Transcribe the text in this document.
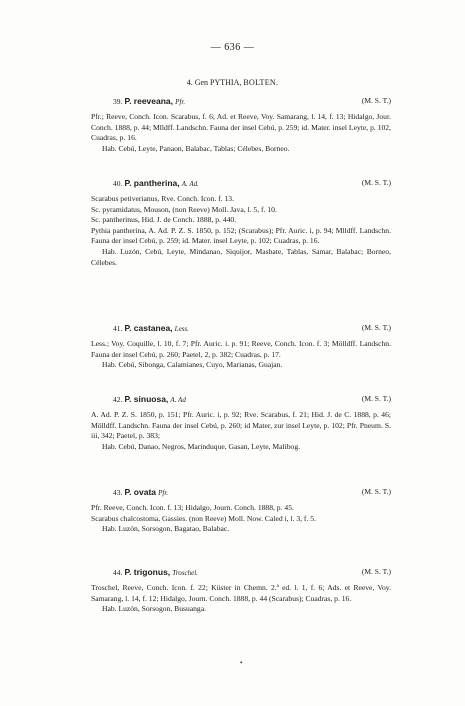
— 636 —
4. Gen PYTHIA, BOLTEN.
39. P. reeveana, Pfr.	(M. S. T.)

Pfr.; Reeve, Conch. Icon. Scarabus, f. 6; Ad. et Reeve, Voy. Samarang, l. 14, f. 13; Hidalgo, Jour. Conch. 1888, p. 44; Mlldff. Landschn. Fauna der insel Cebú, p. 259; id. Mater. insel Leyte, p. 102, Cuadras, p. 16.

Hab. Cebú, Leyte, Panaon, Balabac, Tablas; Célebes, Borneo.

40. P. pantherina, A. Ad.	(M. S. T.)

Scarabus petiverianus, Rve. Conch. Icon. f. 13.

Sc. pyramidatus, Mouson, (non Reeve) Moll. Java, l. 5, f. 10.

Sc. pantherinus, Hid. J. de Conch. 1888, p. 440.

Pythia pantherina, A. Ad. P. Z. S. 1850, p. 152; (Scarabus); Pfr. Auric. i, p. 94; Mlldff. Landschn. Fauna der insel Cebú, p. 259; id. Mater. insel Leyte, p. 102; Cuadras, p. 16.

Hab. Luzón, Cebú, Leyte, Mindanao, Siquijor, Masbate, Tablas, Samar, Balabac; Borneo, Célebes.

41. P. castanea, Less.	(M. S. T.)

Less.; Voy. Coquille, l. 10, f. 7; Pfr. Auric. i. p. 91; Reeve, Conch. Icon. f. 3; Mölldff. Landschn. Fauna der insel Cebú, p. 260; Paetel, 2, p. 382; Cuadras, p. 17.

Hab. Cebú, Sibonga, Calamianes, Cuyo, Marianas, Guajan.

42. P. sinuosa, A. Ad	(M. S. T.)

A. Ad. P. Z. S. 1850, p. 151; Pfr. Auric. i, p. 92; Rve. Scarabus, f. 21; Hid. J. de C. 1888, p. 46; Mölldff. Landschn. Fauna der insel Cebú, p. 260; id Mater, zur insel Leyte, p. 102; Pfr. Pneum. S. iii, 342; Paetel, p. 383;

Hab. Cebú, Danao, Negros, Marinduque, Gasan, Leyte, Malibog.

43. P. ovata Pfr.	(M. S. T.)

Pfr. Reeve, Conch. Icon. f. 13; Hidalgo, Journ. Conch. 1888, p. 45.

Scarabus chalcostoma, Gassies. (non Reeve) Moll. Now. Caled i, l. 3, f. 5.

Hab. Luzón, Sorsogon, Bagatao, Balabac.

44. P. trigonus, Troschel.	(M. S. T.)

Troschel, Reeve, Conch. Icon. f. 22; Küster in Chemn. 2.ª ed. l. 1, f. 6; Ads. et Reeve, Voy. Samarang, l. 14, f. 12; Hidalgo, Journ. Conch. 1888, p. 44 (Scarabus); Cuadras, p. 16.

Hab. Luzón, Sorsogon, Busuanga.

•
